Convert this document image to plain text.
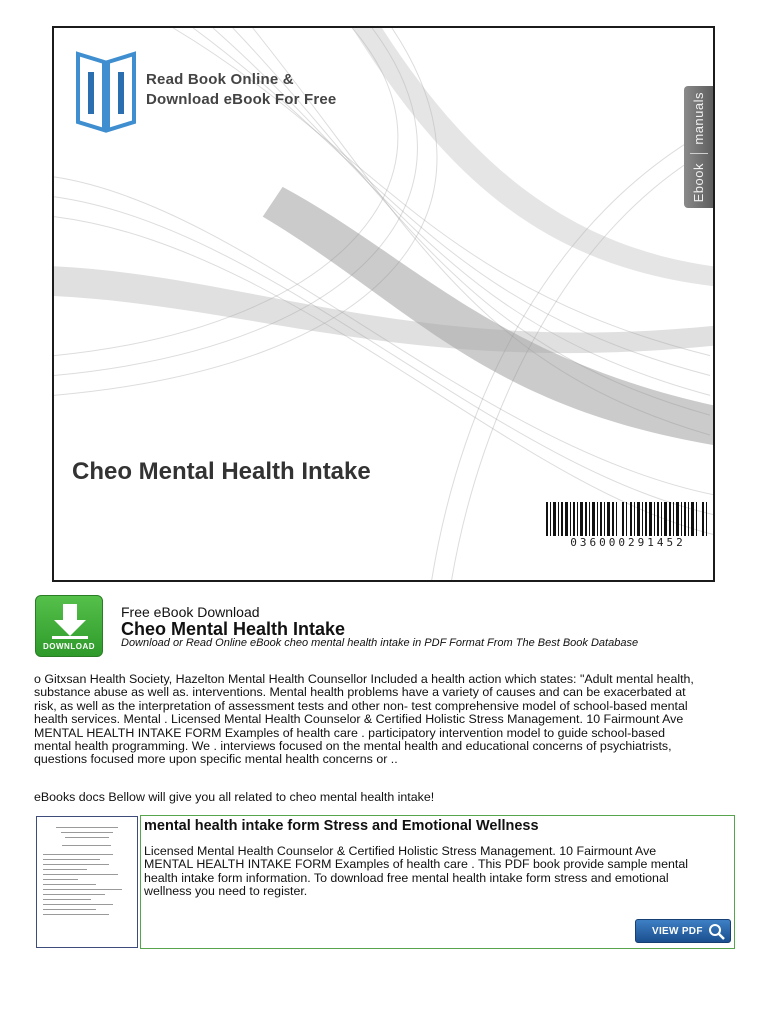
Read Book Online &
Download eBook For Free	manuals
Ebook
Cheo Mental Health Intake
036000291452
DOWNLOAD
Free eBook Download
Cheo Mental Health Intake
Download or Read Online eBook cheo mental health intake in PDF Format From The Best Book Database
o Gitxsan Health Society, Hazelton Mental Health Counsellor Included a health action which states: "Adult mental health,
substance abuse as well as. interventions. Mental health problems have a variety of causes and can be exacerbated at
risk, as well as the interpretation of assessment tests and other non- test comprehensive model of school-based mental
health services. Mental . Licensed Mental Health Counselor & Certified Holistic Stress Management. 10 Fairmount Ave
MENTAL HEALTH INTAKE FORM Examples of health care . participatory intervention model to guide school-based
mental health programming. We . interviews focused on the mental health and educational concerns of psychiatrists,
questions focused more upon specific mental health concerns or ..
eBooks docs Bellow will give you all related to cheo mental health intake!
mental health intake form Stress and Emotional Wellness
Licensed Mental Health Counselor & Certified Holistic Stress Management. 10 Fairmount Ave
MENTAL HEALTH INTAKE FORM Examples of health care . This PDF book provide sample mental
health intake form information. To download free mental health intake form stress and emotional
wellness you need to register.
VIEW PDF
